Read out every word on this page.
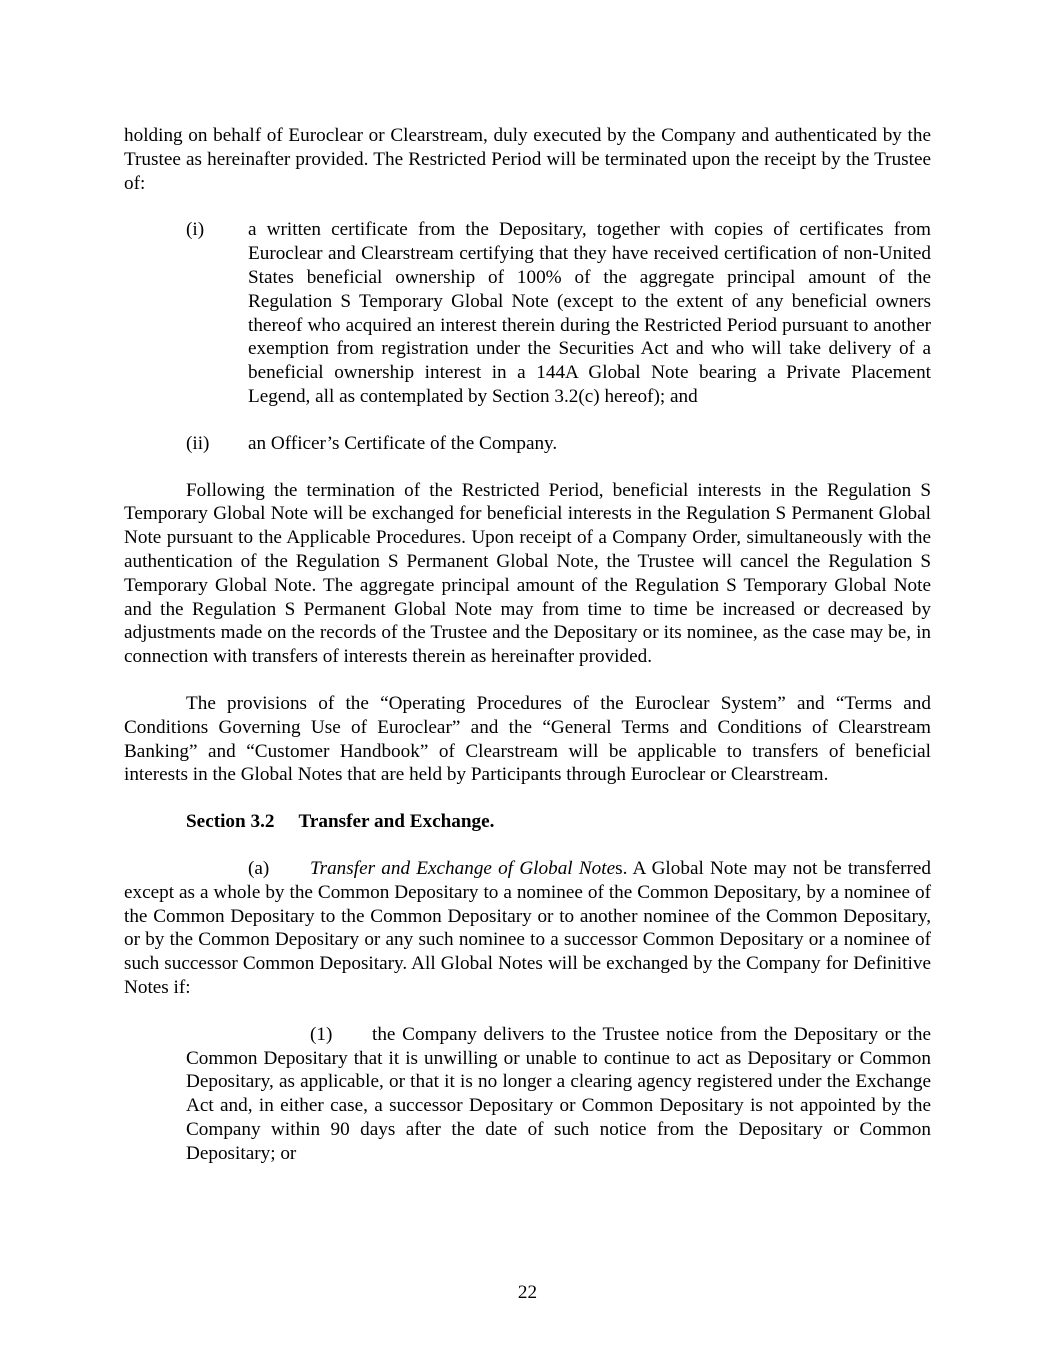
holding on behalf of Euroclear or Clearstream, duly executed by the Company and authenticated by the Trustee as hereinafter provided. The Restricted Period will be terminated upon the receipt by the Trustee of:

(i) a written certificate from the Depositary, together with copies of certificates from Euroclear and Clearstream certifying that they have received certification of non-United States beneficial ownership of 100% of the aggregate principal amount of the Regulation S Temporary Global Note (except to the extent of any beneficial owners thereof who acquired an interest therein during the Restricted Period pursuant to another exemption from registration under the Securities Act and who will take delivery of a beneficial ownership interest in a 144A Global Note bearing a Private Placement Legend, all as contemplated by Section 3.2(c) hereof); and

(ii) an Officer’s Certificate of the Company.

Following the termination of the Restricted Period, beneficial interests in the Regulation S Temporary Global Note will be exchanged for beneficial interests in the Regulation S Permanent Global Note pursuant to the Applicable Procedures. Upon receipt of a Company Order, simultaneously with the authentication of the Regulation S Permanent Global Note, the Trustee will cancel the Regulation S Temporary Global Note. The aggregate principal amount of the Regulation S Temporary Global Note and the Regulation S Permanent Global Note may from time to time be increased or decreased by adjustments made on the records of the Trustee and the Depositary or its nominee, as the case may be, in connection with transfers of interests therein as hereinafter provided.

The provisions of the “Operating Procedures of the Euroclear System” and “Terms and Conditions Governing Use of Euroclear” and the “General Terms and Conditions of Clearstream Banking” and “Customer Handbook” of Clearstream will be applicable to transfers of beneficial interests in the Global Notes that are held by Participants through Euroclear or Clearstream.

Section 3.2 Transfer and Exchange.

(a) Transfer and Exchange of Global Notes. A Global Note may not be transferred except as a whole by the Common Depositary to a nominee of the Common Depositary, by a nominee of the Common Depositary to the Common Depositary or to another nominee of the Common Depositary, or by the Common Depositary or any such nominee to a successor Common Depositary or a nominee of such successor Common Depositary. All Global Notes will be exchanged by the Company for Definitive Notes if:

(1) the Company delivers to the Trustee notice from the Depositary or the Common Depositary that it is unwilling or unable to continue to act as Depositary or Common Depositary, as applicable, or that it is no longer a clearing agency registered under the Exchange Act and, in either case, a successor Depositary or Common Depositary is not appointed by the Company within 90 days after the date of such notice from the Depositary or Common Depositary; or

22
